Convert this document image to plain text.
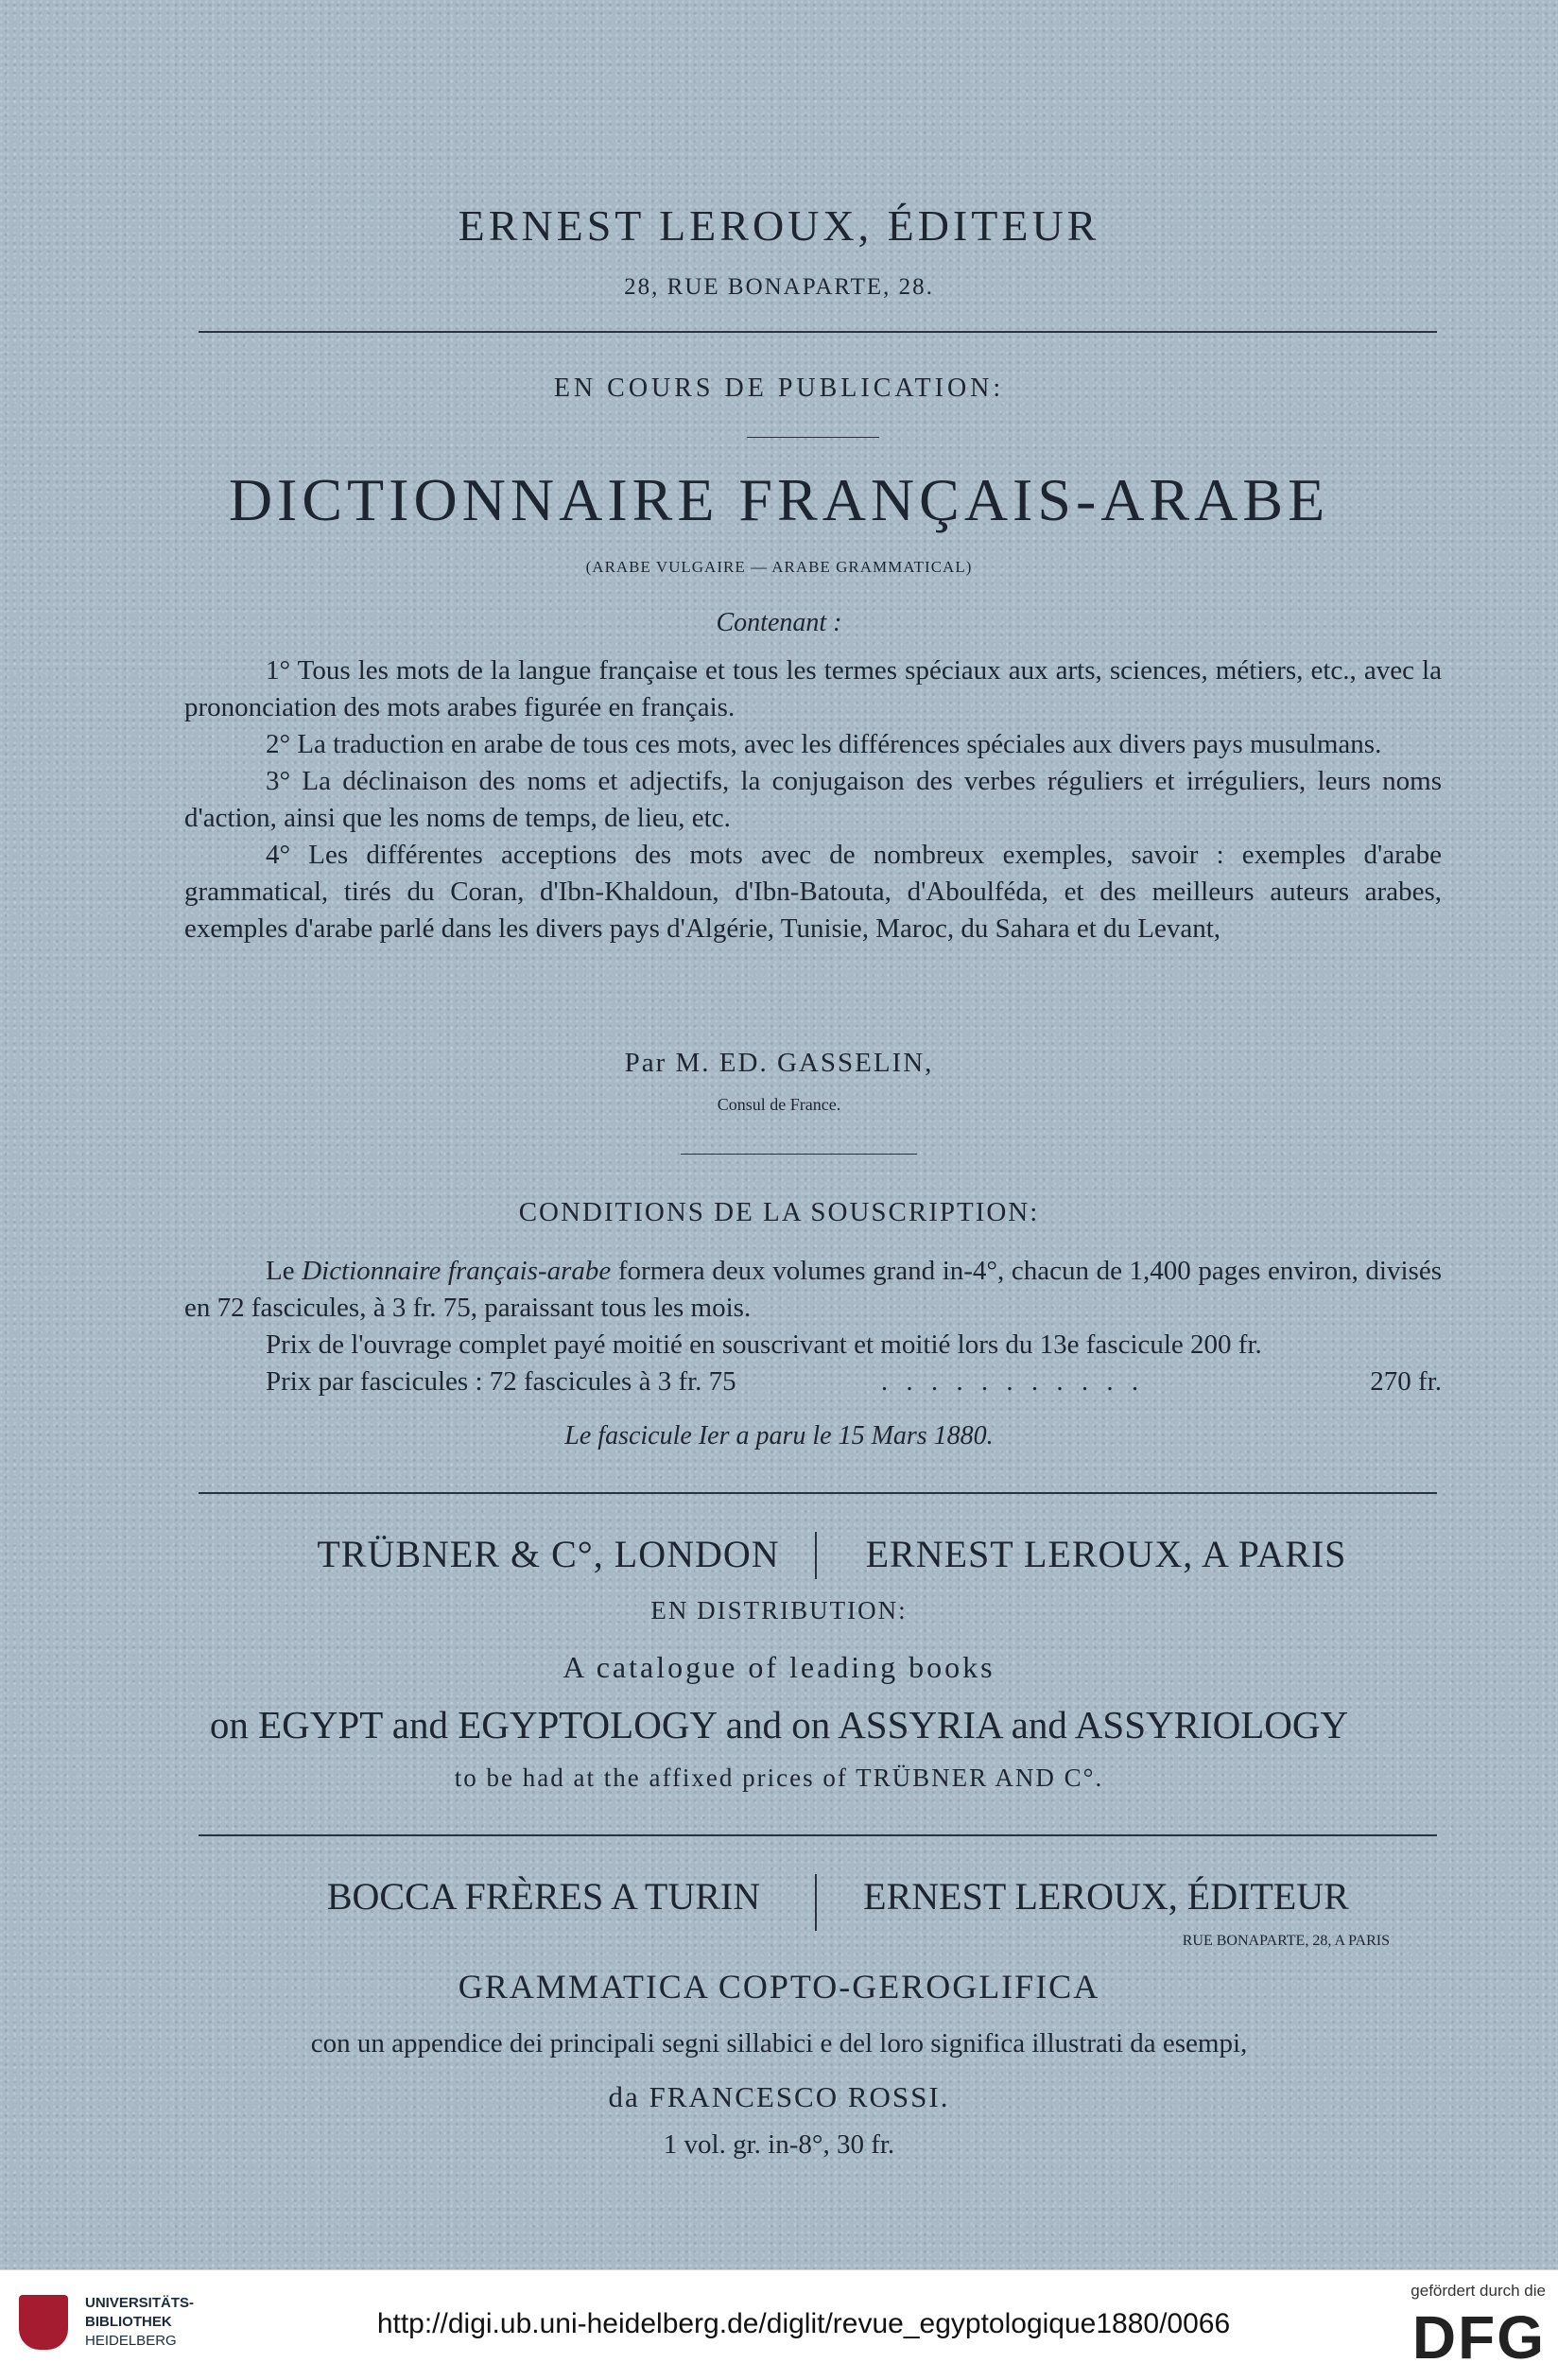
ERNEST LEROUX, ÉDITEUR
28, RUE BONAPARTE, 28.
EN COURS DE PUBLICATION:
DICTIONNAIRE FRANÇAIS-ARABE
(ARABE VULGAIRE — ARABE GRAMMATICAL)
Contenant :

1° Tous les mots de la langue française et tous les termes spéciaux aux arts, sciences, métiers, etc., avec la prononciation des mots arabes figurée en français.

2° La traduction en arabe de tous ces mots, avec les différences spéciales aux divers pays musulmans.

3° La déclinaison des noms et adjectifs, la conjugaison des verbes réguliers et irréguliers, leurs noms d'action, ainsi que les noms de temps, de lieu, etc.

4° Les différentes acceptions des mots avec de nombreux exemples, savoir : exemples d'arabe grammatical, tirés du Coran, d'Ibn-Khaldoun, d'Ibn-Batouta, d'Aboulféda, et des meilleurs auteurs arabes, exemples d'arabe parlé dans les divers pays d'Algérie, Tunisie, Maroc, du Sahara et du Levant,

Par M. ED. GASSELIN,
Consul de France.
CONDITIONS DE LA SOUSCRIPTION:

Le Dictionnaire français-arabe formera deux volumes grand in-4°, chacun de 1,400 pages environ, divisés en 72 fascicules, à 3 fr. 75, paraissant tous les mois.

Prix de l'ouvrage complet payé moitié en souscrivant et moitié lors du 13e fascicule 200 fr.

Prix par fascicules : 72 fascicules à 3 fr. 75	. . . . . . . . . . .	270 fr.
Le fascicule Ier a paru le 15 Mars 1880.
TRÜBNER & C°, LONDON	ERNEST LEROUX, A PARIS
EN DISTRIBUTION:
A catalogue of leading books
on EGYPT and EGYPTOLOGY and on ASSYRIA and ASSYRIOLOGY
to be had at the affixed prices of TRÜBNER AND C°.
BOCCA FRÈRES A TURIN	ERNEST LEROUX, ÉDITEUR
RUE BONAPARTE, 28, A PARIS
GRAMMATICA COPTO-GEROGLIFICA
con un appendice dei principali segni sillabici e del loro significa illustrati da esempi,
da FRANCESCO ROSSI.
1 vol. gr. in-8°, 30 fr.
UNIVERSITÄTS-
BIBLIOTHEK
HEIDELBERG
http://digi.ub.uni-heidelberg.de/diglit/revue_egyptologique1880/0066
gefördert durch die
DFG
